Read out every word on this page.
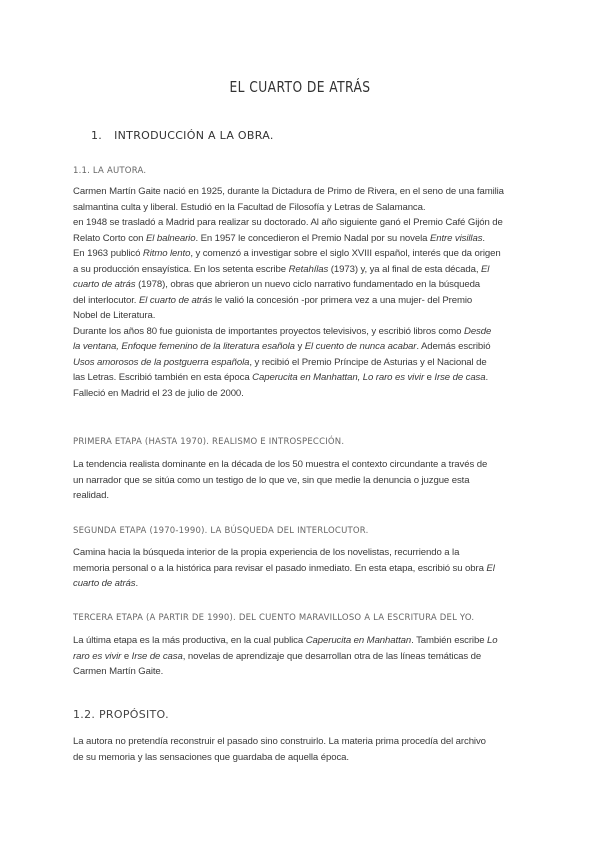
EL CUARTO DE ATRÁS
1. INTRODUCCIÓN A LA OBRA.
1.1. LA AUTORA.
Carmen Martín Gaite nació en 1925, durante la Dictadura de Primo de Rivera, en el seno de una familia
salmantina culta y liberal. Estudió en la Facultad de Filosofía y Letras de Salamanca.
en 1948 se trasladó a Madrid para realizar su doctorado. Al año siguiente ganó el Premio Café Gijón de
Relato Corto con El balneario. En 1957 le concedieron el Premio Nadal por su novela Entre visillas.
En 1963 publicó Ritmo lento, y comenzó a investigar sobre el siglo XVIII español, interés que da origen
a su producción ensayística. En los setenta escribe Retahílas (1973) y, ya al final de esta década, El
cuarto de atrás (1978), obras que abrieron un nuevo ciclo narrativo fundamentado en la búsqueda
del interlocutor. El cuarto de atrás le valió la concesión -por primera vez a una mujer- del Premio
Nobel de Literatura.
Durante los años 80 fue guionista de importantes proyectos televisivos, y escribió libros como Desde
la ventana, Enfoque femenino de la literatura esañola y El cuento de nunca acabar. Además escribió
Usos amorosos de la postguerra española, y recibió el Premio Príncipe de Asturias y el Nacional de
las Letras. Escribió también en esta época Caperucita en Manhattan, Lo raro es vivir e Irse de casa.
Falleció en Madrid el 23 de julio de 2000.
PRIMERA ETAPA (HASTA 1970). REALISMO E INTROSPECCIÓN.
La tendencia realista dominante en la década de los 50 muestra el contexto circundante a través de
un narrador que se sitúa como un testigo de lo que ve, sin que medie la denuncia o juzgue esta
realidad.
SEGUNDA ETAPA (1970-1990). LA BÚSQUEDA DEL INTERLOCUTOR.
Camina hacia la búsqueda interior de la propia experiencia de los novelistas, recurriendo a la
memoria personal o a la histórica para revisar el pasado inmediato. En esta etapa, escribió su obra El
cuarto de atrás.
TERCERA ETAPA (A PARTIR DE 1990). DEL CUENTO MARAVILLOSO A LA ESCRITURA DEL YO.
La última etapa es la más productiva, en la cual publica Caperucita en Manhattan. También escribe Lo
raro es vivir e Irse de casa, novelas de aprendizaje que desarrollan otra de las líneas temáticas de
Carmen Martín Gaite.
1.2. PROPÓSITO.
La autora no pretendía reconstruir el pasado sino construirlo. La materia prima procedía del archivo
de su memoria y las sensaciones que guardaba de aquella época.
